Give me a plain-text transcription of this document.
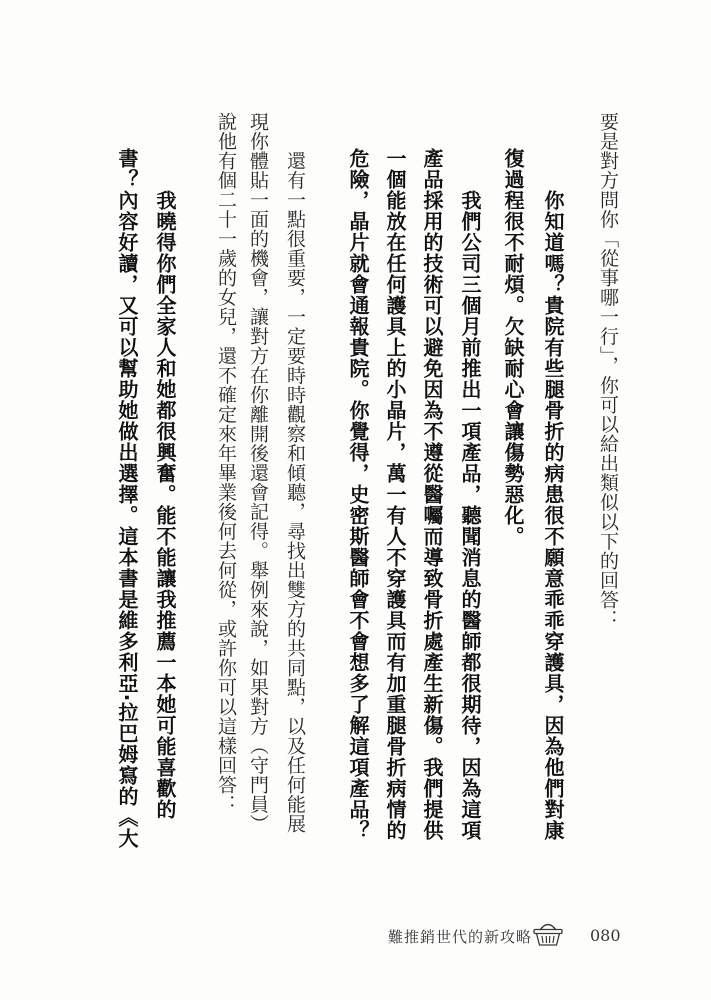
要是對方問你「從事哪一行」，你可以給出類似以下的回答：
你知道嗎？貴院有些腿骨折的病患很不願意乖乖穿護具，因為他們對康
復過程很不耐煩。欠缺耐心會讓傷勢惡化。
我們公司三個月前推出一項產品，聽聞消息的醫師都很期待，因為這項
產品採用的技術可以避免因為不遵從醫囑而導致骨折處產生新傷。我們提供
一個能放在任何護具上的小晶片，萬一有人不穿護具而有加重腿骨折病情的
危險，晶片就會通報貴院。你覺得，史密斯醫師會不會想多了解這項產品？
還有一點很重要，一定要時時觀察和傾聽，尋找出雙方的共同點，以及任何能展
現你體貼一面的機會，讓對方在你離開後還會記得。舉例來說，如果對方（守門員）
說他有個二十一歲的女兒，還不確定來年畢業後何去何從，或許你可以這樣回答：
我曉得你們全家人和她都很興奮。能不能讓我推薦一本她可能喜歡的
書？內容好讀，又可以幫助她做出選擇。這本書是維多利亞‧拉巴姆寫的《大
難推銷世代的新攻略	080
